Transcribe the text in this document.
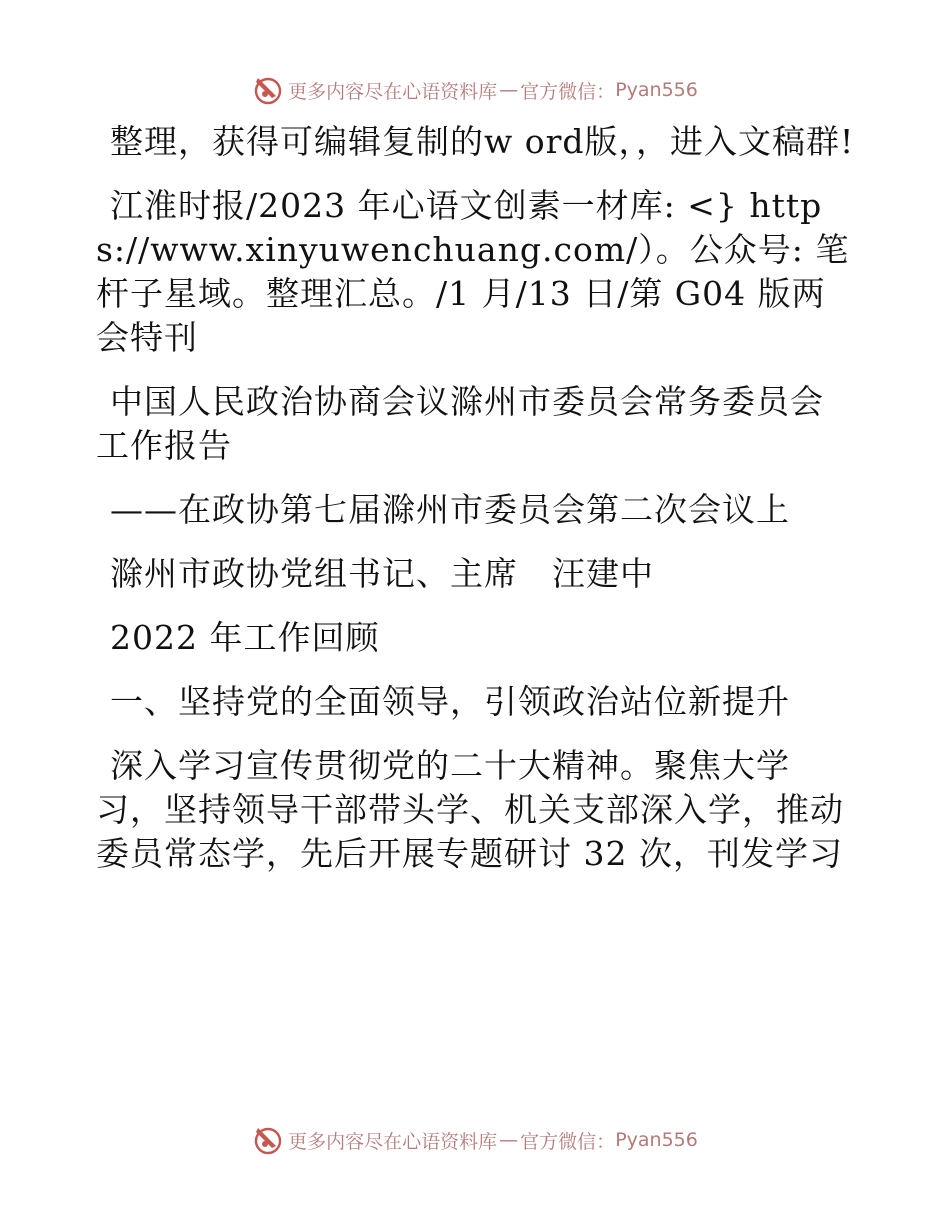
更多内容尽在心语资料库 — 官方微信： Pyan556

整理，获得可编辑复制的w ord版，，进入文稿群!

江淮时报/2023 年心语文创素一材库: <} https://www.xinyuwenchuang.com/）。公众号: 笔杆子星域。整理汇总。/1 月/13 日/第 G04 版两会特刊

中国人民政治协商会议滁州市委员会常务委员会工作报告

——在政协第七届滁州市委员会第二次会议上

滁州市政协党组书记、主席　汪建中

2022 年工作回顾

一、坚持党的全面领导，引领政治站位新提升

深入学习宣传贯彻党的二十大精神。聚焦大学习，坚持领导干部带头学、机关支部深入学，推动委员常态学，先后开展专题研讨 32 次，刊发学习

更多内容尽在心语资料库 — 官方微信： Pyan556
